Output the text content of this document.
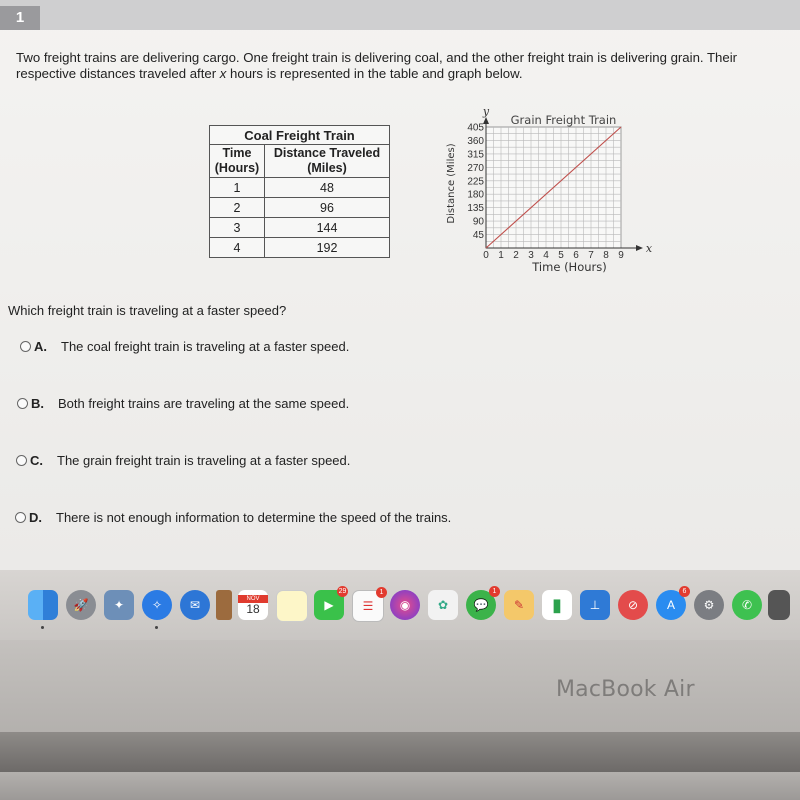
1
Two freight trains are delivering cargo. One freight train is delivering coal, and the other freight train is delivering grain. Their respective distances traveled after x hours is represented in the table and graph below.
Coal Freight Train	
Time (Hours)	Distance Traveled (Miles)
1	48
2	96
3	144
4	192
0 1 2 3 4 5 6 7 8 9
45
90
135
180
225
270
315
360
405
Grain Freight Train
Time (Hours)
Distance (Miles)
y
x
Which freight train is traveling at a faster speed?
A. The coal freight train is traveling at a faster speed.
B. Both freight trains are traveling at the same speed.
C. The grain freight train is traveling at a faster speed.
D. There is not enough information to determine the speed of the trains.
🚀	✦	✧	✉	NOV
18	▶
29
☰
1
◉	✿	💬
1
✎	▮	⊥	⊘	A
6
⚙	✆
MacBook Air
